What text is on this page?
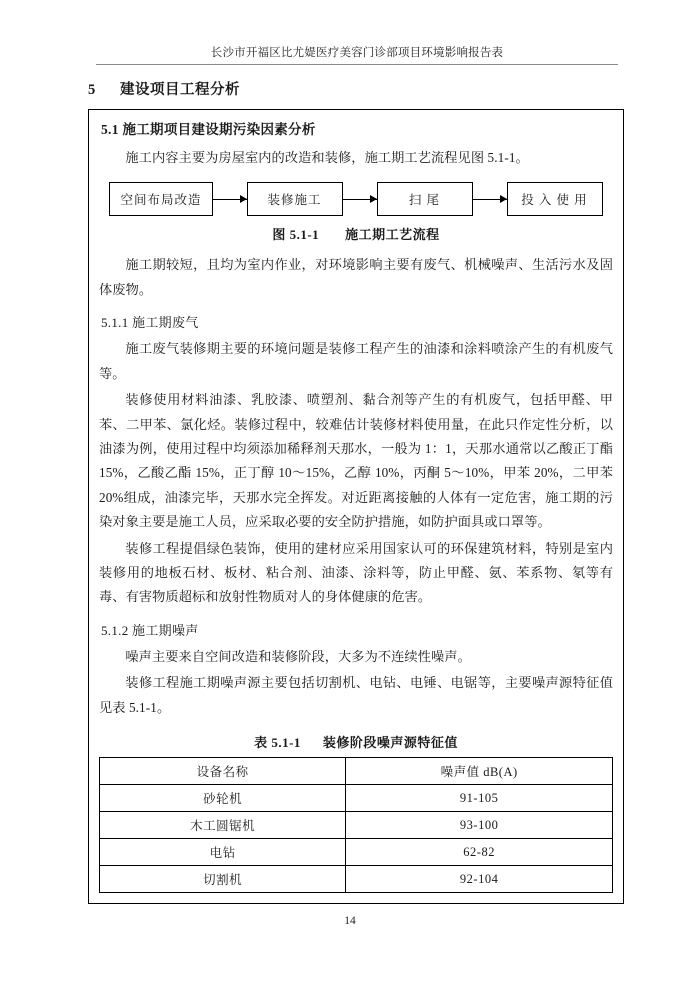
长沙市开福区比尤媞医疗美容门诊部项目环境影响报告表
5 建设项目工程分析
5.1 施工期项目建设期污染因素分析

施工内容主要为房屋室内的改造和装修，施工期工艺流程见图 5.1-1。

空间布局改造	装修施工	扫 尾	投 入 使 用
图 5.1-1 施工期工艺流程

施工期较短，且均为室内作业，对环境影响主要有废气、机械噪声、生活污水及固体废物。

5.1.1 施工期废气

施工废气装修期主要的环境问题是装修工程产生的油漆和涂料喷涂产生的有机废气等。

装修使用材料油漆、乳胶漆、喷塑剂、黏合剂等产生的有机废气，包括甲醛、甲苯、二甲苯、氯化烃。装修过程中，较难估计装修材料使用量，在此只作定性分析，以油漆为例，使用过程中均须添加稀释剂天那水，一般为 1：1，天那水通常以乙酸正丁酯 15%，乙酸乙酯 15%，正丁醇 10～15%，乙醇 10%，丙酮 5～10%，甲苯 20%，二甲苯 20%组成，油漆完毕，天那水完全挥发。对近距离接触的人体有一定危害，施工期的污染对象主要是施工人员，应采取必要的安全防护措施，如防护面具或口罩等。

装修工程提倡绿色装饰，使用的建材应采用国家认可的环保建筑材料，特别是室内装修用的地板石材、板材、粘合剂、油漆、涂料等，防止甲醛、氨、苯系物、氡等有毒、有害物质超标和放射性物质对人的身体健康的危害。

5.1.2 施工期噪声

噪声主要来自空间改造和装修阶段，大多为不连续性噪声。

装修工程施工期噪声源主要包括切割机、电钻、电锤、电锯等，主要噪声源特征值见表 5.1-1。

表 5.1-1 装修阶段噪声源特征值
设备名称	噪声值 dB(A)
砂轮机	91-105
木工圆锯机	93-100
电钻	62-82
切割机	92-104
14
